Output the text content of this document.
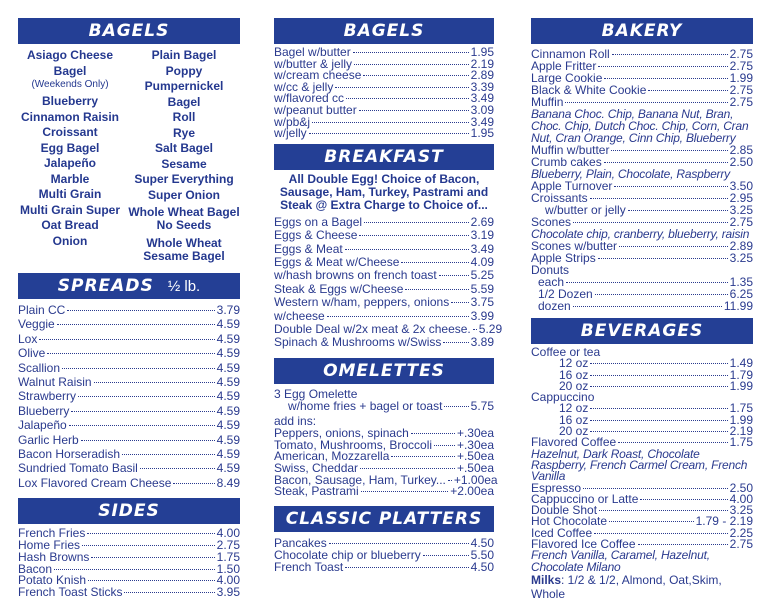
BAGELS
Asiago Cheese
Bagel
(Weekends Only)
Blueberry
Cinnamon Raisin
Croissant
Egg Bagel
Jalapeño
Marble
Multi Grain
Multi Grain Super
Oat Bread
Onion
Plain Bagel
Poppy
Pumpernickel Bagel
Roll
Rye
Salt Bagel
Sesame
Super Everything
Super Onion
Whole Wheat Bagel No Seeds
Whole Wheat Sesame Bagel
SPREADS ½ lb.
Plain CC	3.79
Veggie	4.59
Lox	4.59
Olive	4.59
Scallion	4.59
Walnut Raisin	4.59
Strawberry	4.59
Blueberry	4.59
Jalapeño	4.59
Garlic Herb	4.59
Bacon Horseradish	4.59
Sundried Tomato Basil	4.59
Lox Flavored Cream Cheese	8.49
SIDES
French Fries	4.00
Home Fries	2.75
Hash Browns	1.75
Bacon	1.50
Potato Knish	4.00
French Toast Sticks	3.95
BAGELS
Bagel w/butter	1.95
w/butter & jelly	2.19
w/cream cheese	2.89
w/cc & jelly	3.39
w/flavored cc	3.49
w/peanut butter	3.09
w/pb&j	3.49
w/jelly	1.95
BREAKFAST
All Double Egg! Choice of Bacon, Sausage, Ham, Turkey, Pastrami and Steak @ Extra Charge to Choice of...
Eggs on a Bagel	2.69
Eggs & Cheese	3.19
Eggs & Meat	3.49
Eggs & Meat w/Cheese	4.09
w/hash browns on french toast	5.25
Steak & Eggs w/Cheese	5.59
Western w/ham, peppers, onions 3.75
w/cheese	3.99
Double Deal w/2x meat & 2x cheese. 5.29
Spinach & Mushrooms w/Swiss 3.89
OMELETTES
3 Egg Omelette
w/home fries + bagel or toast 5.75
add ins:
Peppers, onions, spinach	+.30ea
Tomato, Mushrooms, Broccoli +.30ea
American, Mozzarella	+.50ea
Swiss, Cheddar	+.50ea
Bacon, Sausage, Ham, Turkey... +1.00ea
Steak, Pastrami	+2.00ea
CLASSIC PLATTERS
Pancakes	4.50
Chocolate chip or blueberry	5.50
French Toast	4.50
BAKERY
Cinnamon Roll	2.75
Apple Fritter	2.75
Large Cookie	1.99
Black & White Cookie	2.75
Muffin	2.75
Banana Choc. Chip, Banana Nut, Bran, Choc. Chip, Dutch Choc. Chip, Corn, Cran Nut, Cran Orange, Cinn Chip, Blueberry
Muffin w/butter	2.85
Crumb cakes	2.50
Blueberry, Plain, Chocolate, Raspberry
Apple Turnover	3.50
Croissants	2.95
w/butter or jelly	3.25
Scones	2.75
Chocolate chip, cranberry, blueberry, raisin
Scones w/butter	2.89
Apple Strips	3.25
Donuts
each	1.35
1/2 Dozen	6.25
dozen	11.99
BEVERAGES
Coffee or tea
12 oz	1.49
16 oz	1.79
20 oz	1.99
Cappuccino
12 oz	1.75
16 oz	1.99
20 oz	2.19
Flavored Coffee	1.75
Hazelnut, Dark Roast, Chocolate Raspberry, French Carmel Cream, French Vanilla
Espresso	2.50
Cappuccino or Latte	4.00
Double Shot	3.25
Hot Chocolate	1.79 - 2.19
Iced Coffee	2.25
Flavored Ice Coffee	2.75
French Vanilla, Caramel, Hazelnut, Chocolate Milano
Milks: 1/2 & 1/2, Almond, Oat,Skim, Whole
